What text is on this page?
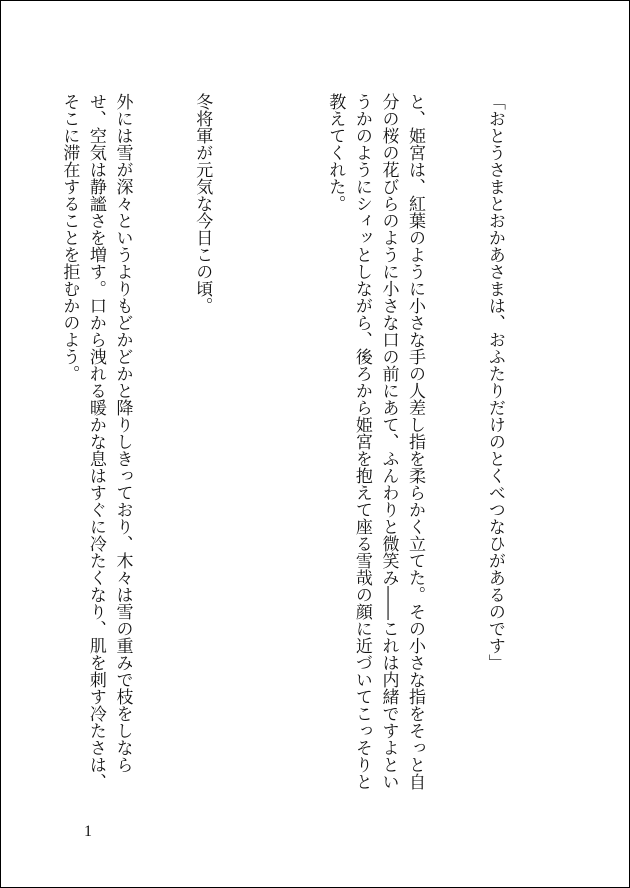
「おとうさまとおかあさまは、おふたりだけのとくべつなひがあるのです」

と、姫宮は、紅葉のように小さな手の人差し指を柔らかく立てた。その小さな指をそっと自分の桜の花びらのように小さな口の前にあて、ふんわりと微笑み――これは内緒ですよというかのようにシィッとしながら、後ろから姫宮を抱えて座る雪哉の顔に近づいてこっそりと教えてくれた。

冬将軍が元気な今日この頃。

外には雪が深々というよりもどかどかと降りしきっており、木々は雪の重みで枝をしならせ、空気は静謐さを増す。口から洩れる暖かな息はすぐに冷たくなり、肌を刺す冷たさは、そこに滞在することを拒むかのよう。

1
